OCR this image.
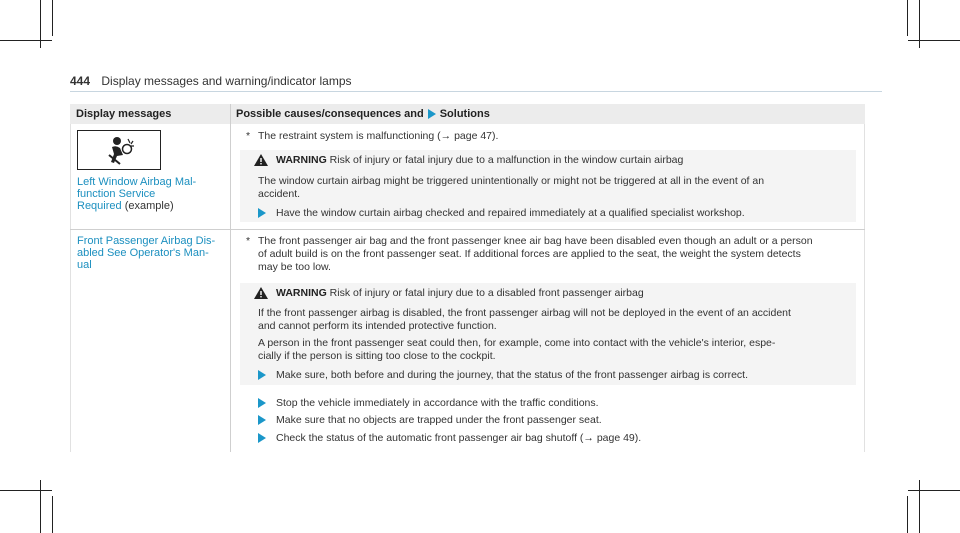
444 Display messages and warning/indicator lamps
Display messages	Possible causes/consequences and Solutions
Left Window Airbag Mal-
function Service
Required (example)
* The restraint system is malfunctioning (→ page 47).
WARNING Risk of injury or fatal injury due to a malfunction in the window curtain airbag
The window curtain airbag might be triggered unintentionally or might not be triggered at all in the event of an
accident.
Have the window curtain airbag checked and repaired immediately at a qualified specialist workshop.
Front Passenger Airbag Dis-
abled See Operator's Man-
ual
* The front passenger air bag and the front passenger knee air bag have been disabled even though an adult or a person
of adult build is on the front passenger seat. If additional forces are applied to the seat, the weight the system detects
may be too low.
WARNING Risk of injury or fatal injury due to a disabled front passenger airbag
If the front passenger airbag is disabled, the front passenger airbag will not be deployed in the event of an accident
and cannot perform its intended protective function.
A person in the front passenger seat could then, for example, come into contact with the vehicle's interior, espe-
cially if the person is sitting too close to the cockpit.
Make sure, both before and during the journey, that the status of the front passenger airbag is correct.
Stop the vehicle immediately in accordance with the traffic conditions.
Make sure that no objects are trapped under the front passenger seat.
Check the status of the automatic front passenger air bag shutoff (→ page 49).
